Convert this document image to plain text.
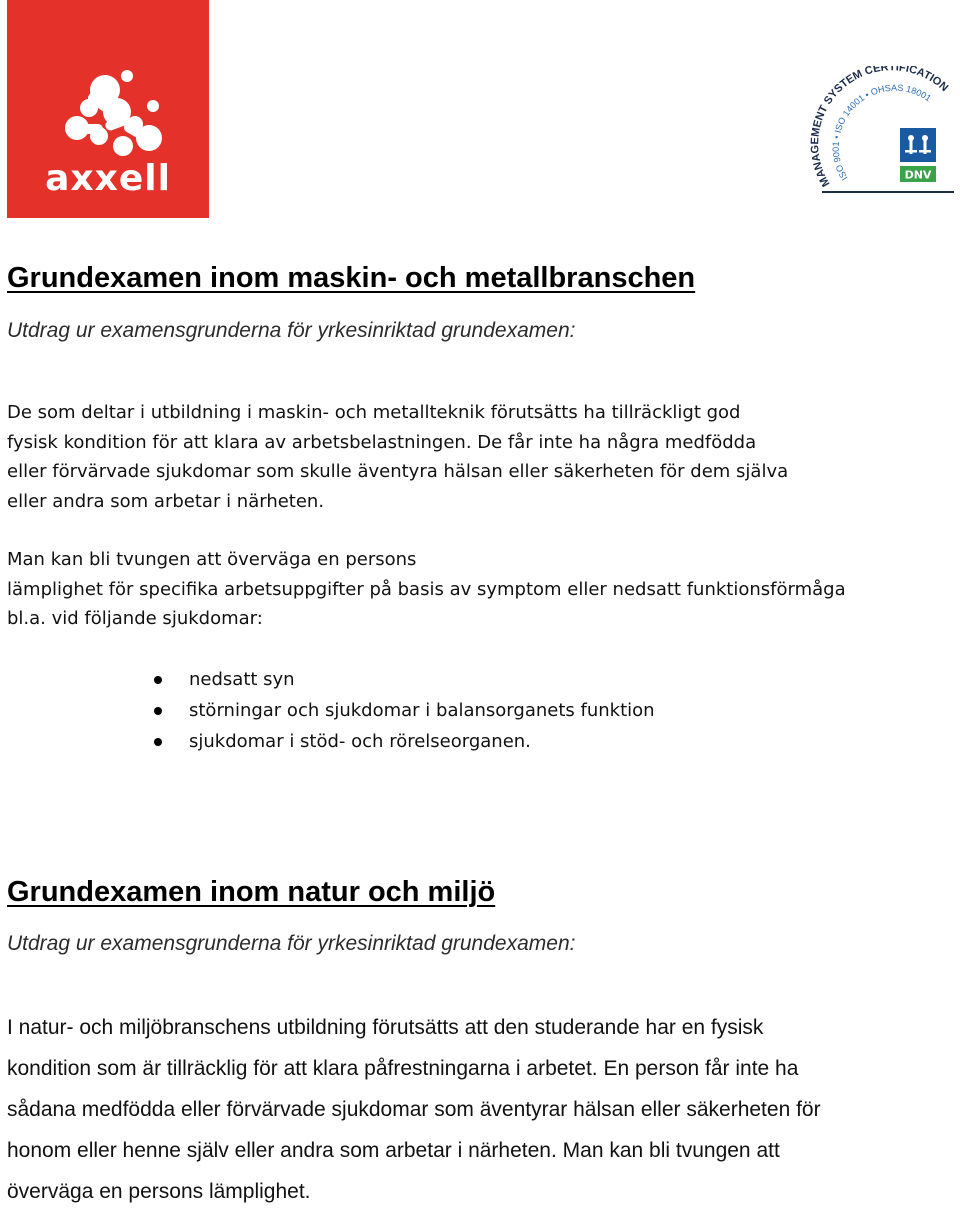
axxell	MANAGEMENT SYSTEM CERTIFICATION
ISO 9001 • ISO 14001 • OHSAS 18001
DNV
Grundexamen inom maskin- och metallbranschen

Utdrag ur examensgrunderna för yrkesinriktad grundexamen:

De som deltar i utbildning i maskin- och metallteknik förutsätts ha tillräckligt god
fysisk kondition för att klara av arbetsbelastningen. De får inte ha några medfödda
eller förvärvade sjukdomar som skulle äventyra hälsan eller säkerheten för dem själva
eller andra som arbetar i närheten.
Man kan bli tvungen att överväga en persons
lämplighet för specifika arbetsuppgifter på basis av symptom eller nedsatt funktionsförmåga
bl.a. vid följande sjukdomar:
nedsatt syn
störningar och sjukdomar i balansorganets funktion
sjukdomar i stöd- och rörelseorganen.
Grundexamen inom natur och miljö

Utdrag ur examensgrunderna för yrkesinriktad grundexamen:

I natur- och miljöbranschens utbildning förutsätts att den studerande har en fysisk
kondition som är tillräcklig för att klara påfrestningarna i arbetet. En person får inte ha
sådana medfödda eller förvärvade sjukdomar som äventyrar hälsan eller säkerheten för
honom eller henne själv eller andra som arbetar i närheten. Man kan bli tvungen att
överväga en persons lämplighet.
